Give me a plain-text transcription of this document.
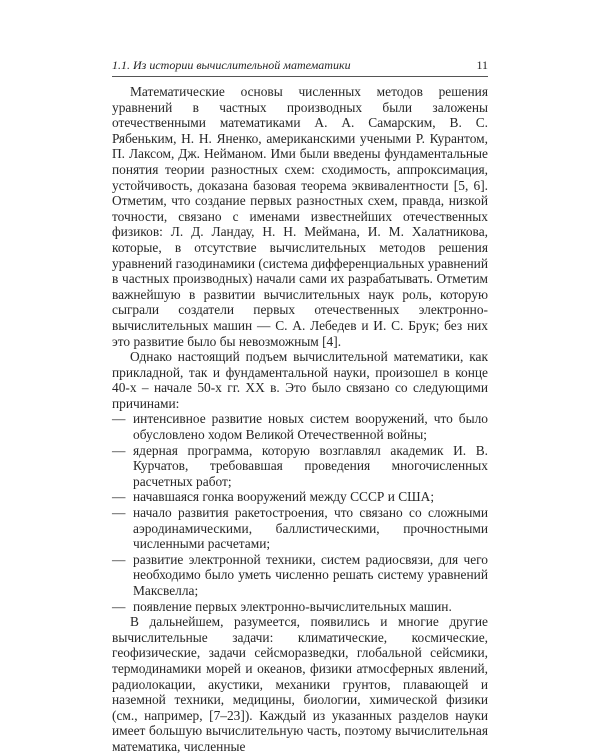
1.1. Из истории вычислительной математики	11

Математические основы численных методов решения уравнений в частных производных были заложены отечественными математиками А. А. Самарским, В. С. Рябеньким, Н. Н. Яненко, американскими учеными Р. Курантом, П. Лаксом, Дж. Нейманом. Ими были введены фундаментальные понятия теории разностных схем: сходимость, аппроксимация, устойчивость, доказана базовая теорема эквивалентности [5, 6]. Отметим, что создание первых разностных схем, правда, низкой точности, связано с именами известнейших отечественных физиков: Л. Д. Ландау, Н. Н. Меймана, И. М. Халатникова, которые, в отсутствие вычислительных методов решения уравнений газодинамики (система дифференциальных уравнений в частных производных) начали сами их разрабатывать. Отметим важнейшую в развитии вычислительных наук роль, которую сыграли создатели первых отечественных электронно-вычислительных машин — С. А. Лебедев и И. С. Брук; без них это развитие было бы невозможным [4].

Однако настоящий подъем вычислительной математики, как прикладной, так и фундаментальной науки, произошел в конце 40-х – начале 50-х гг. XX в. Это было связано со следующими причинами:

— интенсивное развитие новых систем вооружений, что было обусловлено ходом Великой Отечественной войны;
— ядерная программа, которую возглавлял академик И. В. Курчатов, требовавшая проведения многочисленных расчетных работ;
— начавшаяся гонка вооружений между СССР и США;
— начало развития ракетостроения, что связано со сложными аэродинамическими, баллистическими, прочностными численными расчетами;
— развитие электронной техники, систем радиосвязи, для чего необходимо было уметь численно решать систему уравнений Максвелла;
— появление первых электронно-вычислительных машин.

В дальнейшем, разумеется, появились и многие другие вычислительные задачи: климатические, космические, геофизические, задачи сейсморазведки, глобальной сейсмики, термодинамики морей и океанов, физики атмосферных явлений, радиолокации, акустики, механики грунтов, плавающей и наземной техники, медицины, биологии, химической физики (см., например, [7–23]). Каждый из указанных разделов науки имеет большую вычислительную часть, поэтому вычислительная математика, численные
